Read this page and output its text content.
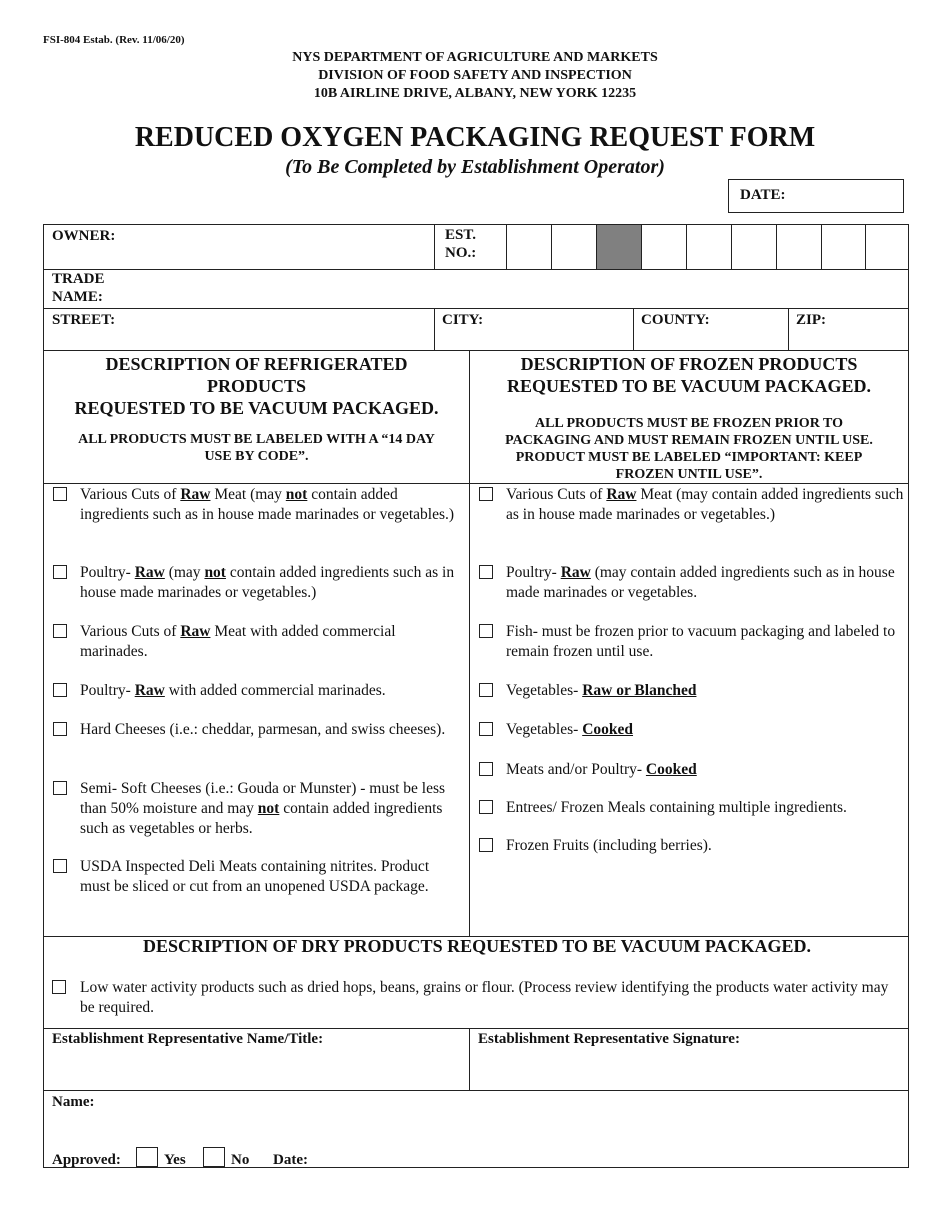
FSI-804 Estab. (Rev. 11/06/20)
NYS DEPARTMENT OF AGRICULTURE AND MARKETS
DIVISION OF FOOD SAFETY AND INSPECTION
10B AIRLINE DRIVE, ALBANY, NEW YORK 12235
REDUCED OXYGEN PACKAGING REQUEST FORM
(To Be Completed by Establishment Operator)
DATE:
OWNER:	EST.
NO.:
TRADE
NAME:
STREET:	CITY:	COUNTY:	ZIP:
DESCRIPTION OF REFRIGERATED
PRODUCTS
REQUESTED TO BE VACUUM PACKAGED.
ALL PRODUCTS MUST BE LABELED WITH A “14 DAY
USE BY CODE”.
DESCRIPTION OF FROZEN PRODUCTS
REQUESTED TO BE VACUUM PACKAGED.
ALL PRODUCTS MUST BE FROZEN PRIOR TO
PACKAGING AND MUST REMAIN FROZEN UNTIL USE.
PRODUCT MUST BE LABELED “IMPORTANT: KEEP
FROZEN UNTIL USE”.
Various Cuts of Raw Meat (may not contain added ingredients such as in house made marinades or vegetables.)
Poultry- Raw (may not contain added ingredients such as in house made marinades or vegetables.)
Various Cuts of Raw Meat with added commercial marinades.
Poultry- Raw with added commercial marinades.
Hard Cheeses (i.e.: cheddar, parmesan, and swiss cheeses).
Semi- Soft Cheeses (i.e.: Gouda or Munster) - must be less than 50% moisture and may not contain added ingredients such as vegetables or herbs.
USDA Inspected Deli Meats containing nitrites. Product must be sliced or cut from an unopened USDA package.
Various Cuts of Raw Meat (may contain added ingredients such as in house made marinades or vegetables.)
Poultry- Raw (may contain added ingredients such as in house made marinades or vegetables.
Fish- must be frozen prior to vacuum packaging and labeled to remain frozen until use.
Vegetables- Raw or Blanched
Vegetables- Cooked
Meats and/or Poultry- Cooked
Entrees/ Frozen Meals containing multiple ingredients.
Frozen Fruits (including berries).
DESCRIPTION OF DRY PRODUCTS REQUESTED TO BE VACUUM PACKAGED.
Low water activity products such as dried hops, beans, grains or flour. (Process review identifying the products water activity may be required.
Establishment Representative Name/Title:	Establishment Representative Signature:
Name:
Approved:	Yes	No Date:
